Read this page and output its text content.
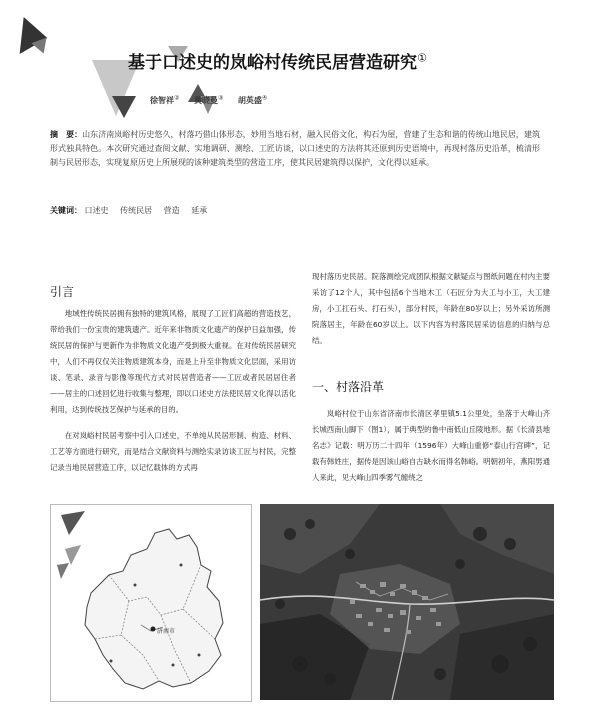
基于口述史的岚峪村传统民居营造研究①
徐智祥② 黄晓曼③ 胡英盛④
摘　要：山东济南岚峪村历史悠久，村落巧借山体形态，妙用当地石材，融入民俗文化，构石为屋，营建了生态和谐的传统山地民居，建筑形式独具特色。本次研究通过查阅文献、实地调研、测绘、工匠访谈，以口述史的方法将其还原到历史语境中，再现村落历史沿革，梳清形制与民居形态，实现复原历史上所展现的该种建筑类型的营造工序，使其民居建筑得以保护，文化得以延承。
关键词： 口述史 传统民居 营造 延承
引言

地域性传统民居拥有独特的建筑风格，展现了工匠们高超的营造技艺，带给我们一份宝贵的建筑遗产。近年来非物质文化遗产的保护日益加强，传统民居的保护与更新作为非物质文化遗产受到极大重视。在对传统民居研究中，人们不再仅仅关注物质建筑本身，而是上升至非物质文化层面，采用访谈、笔录、录音与影像等现代方式对民居营造者——工匠或者民居居住者——居主的口述回忆进行收集与整理，即以口述史方法使民居文化得以活化利用，达到传统技艺保护与延承的目的。

在对岚峪村民居考察中引入口述史，不单纯从民居形制、构造、材料、工艺等方面进行研究，而是结合文献资料与测绘实录访谈工匠与村民，完整记录当地民居营造工序，以记忆载体的方式再

现村落历史民居。院落测绘完成团队根据文献疑点与图纸问题在村内主要采访了12个人，其中包括6个当地木工（石匠分为大工与小工，大工建房，小工扛石头、打石头），部分村民，年龄在80岁以上；另外采访所测院落居主，年龄在60岁以上。以下内容为村落民居采访信息的归纳与总结。

一、村落沿革

岚峪村位于山东省济南市长清区孝里镇5.1公里处，坐落于大峰山齐长城西南山脚下（图1），属于典型的鲁中南低山丘陵地形。据《长清县地名志》记载：明万历二十四年（1596年）大峰山重修“泰山行宫碑”，记载有韩姓庄，据传是因该山峪自古缺水而得名韩峪。明朝初年，燕阳男通人来此，见大峰山四季雾气缠绕之

济南市
